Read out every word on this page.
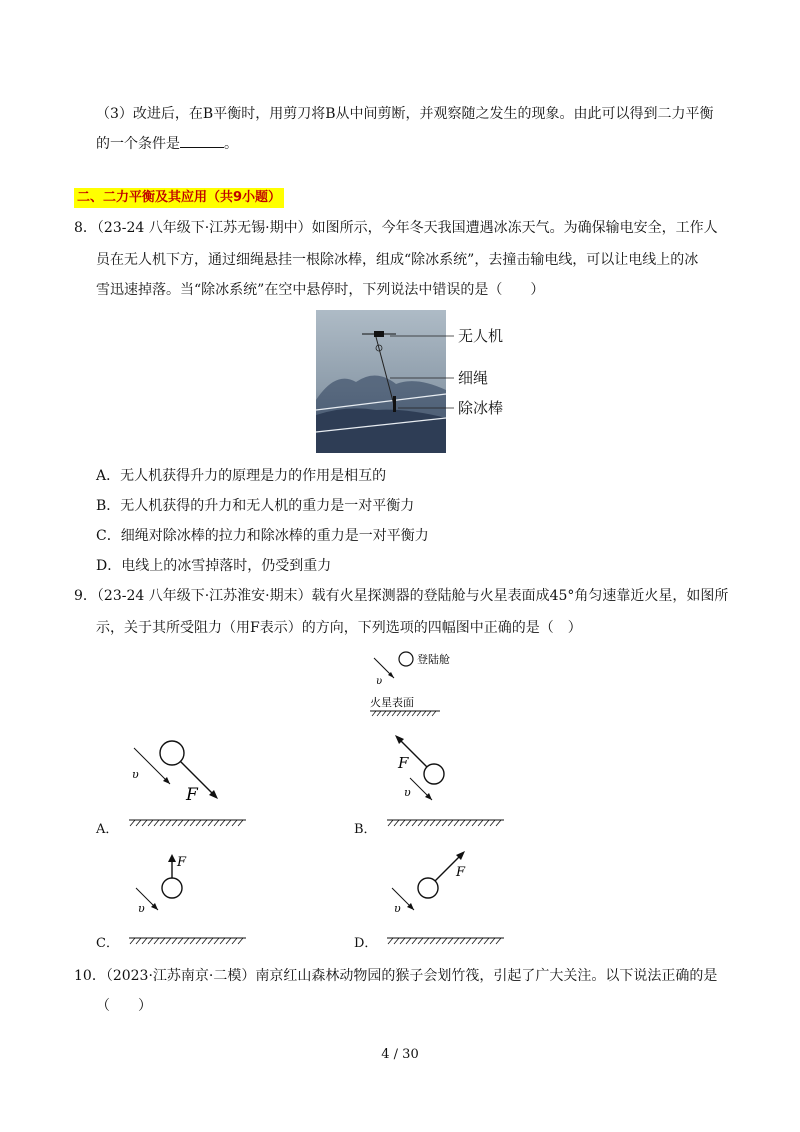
（3）改进后，在B平衡时，用剪刀将B从中间剪断，并观察随之发生的现象。由此可以得到二力平衡
的一个条件是	。
二、二力平衡及其应用（共9小题）
8．（23-24 八年级下·江苏无锡·期中）如图所示，今年冬天我国遭遇冰冻天气。为确保输电安全，工作人
员在无人机下方，通过细绳悬挂一根除冰棒，组成“除冰系统”，去撞击输电线，可以让电线上的冰
雪迅速掉落。当“除冰系统”在空中悬停时，下列说法中错误的是（　　）
无人机
细绳
除冰棒
A．无人机获得升力的原理是力的作用是相互的
B．无人机获得的升力和无人机的重力是一对平衡力
C．细绳对除冰棒的拉力和除冰棒的重力是一对平衡力
D．电线上的冰雪掉落时，仍受到重力
9．（23-24 八年级下·江苏淮安·期末）载有火星探测器的登陆舱与火星表面成45°角匀速靠近火星，如图所
示，关于其所受阻力（用F表示）的方向，下列选项的四幅图中正确的是（　）
υ
登陆舱
火星表面
υ
F
A．
F
υ
B．
F
υ
C．
F
υ
D．
10．（2023·江苏南京·二模）南京红山森林动物园的猴子会划竹筏，引起了广大关注。以下说法正确的是
（　　）
4 / 30
